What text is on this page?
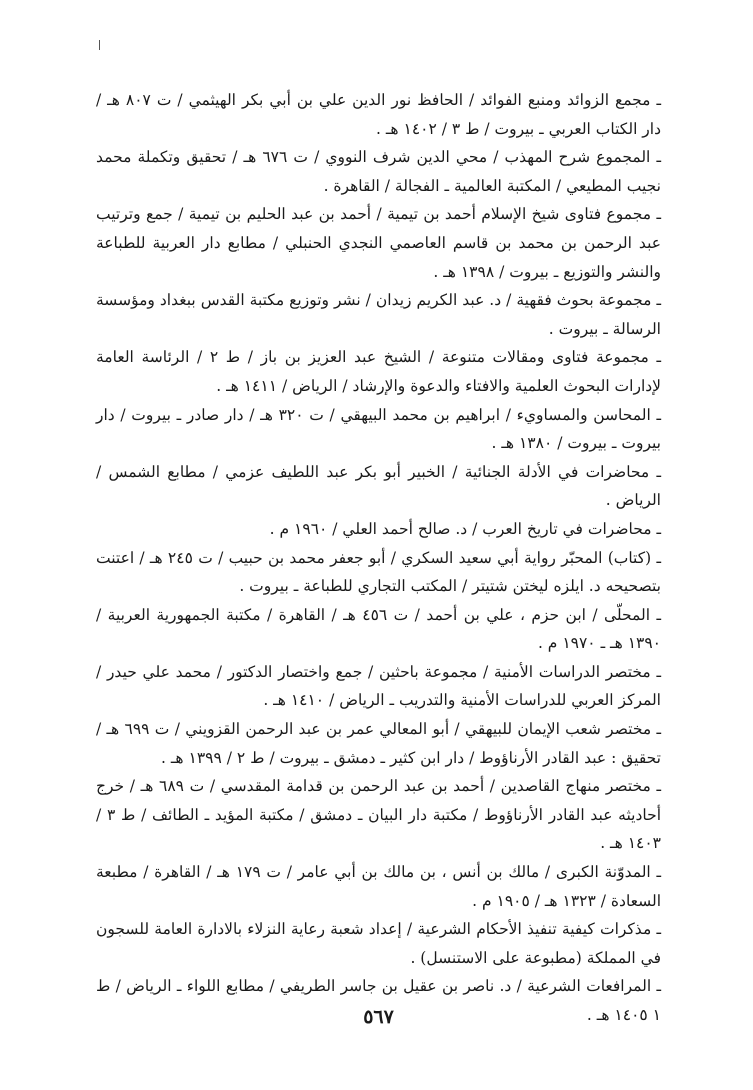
ـ مجمع الزوائد ومنبع الفوائد / الحافظ نور الدين علي بن أبي بكر الهيثمي / ت ٨٠٧ هـ / دار الكتاب العربي ـ بيروت / ط ٣ / ١٤٠٢ هـ .
ـ المجموع شرح المهذب / محي الدين شرف النووي / ت ٦٧٦ هـ / تحقيق وتكملة محمد نجيب المطيعي / المكتبة العالمية ـ الفجالة / القاهرة .
ـ مجموع فتاوى شيخ الإسلام أحمد بن تيمية / أحمد بن عبد الحليم بن تيمية / جمع وترتيب عبد الرحمن بن محمد بن قاسم العاصمي النجدي الحنبلي / مطابع دار العربية للطباعة والنشر والتوزيع ـ بيروت / ١٣٩٨ هـ .
ـ مجموعة بحوث فقهية / د. عبد الكريم زيدان / نشر وتوزيع مكتبة القدس ببغداد ومؤسسة الرسالة ـ بيروت .
ـ مجموعة فتاوى ومقالات متنوعة / الشيخ عبد العزيز بن باز / ط ٢ / الرئاسة العامة لإدارات البحوث العلمية والافتاء والدعوة والإرشاد / الرياض / ١٤١١ هـ .
ـ المحاسن والمساويء / ابراهيم بن محمد البيهقي / ت ٣٢٠ هـ / دار صادر ـ بيروت / دار بيروت ـ بيروت / ١٣٨٠ هـ .
ـ محاضرات في الأدلة الجنائية / الخبير أبو بكر عبد اللطيف عزمي / مطابع الشمس / الرياض .
ـ محاضرات في تاريخ العرب / د. صالح أحمد العلي / ١٩٦٠ م .
ـ (كتاب) المحبّر رواية أبي سعيد السكري / أبو جعفر محمد بن حبيب / ت ٢٤٥ هـ / اعتنت بتصحيحه د. ايلزه ليختن شتيتر / المكتب التجاري للطباعة ـ بيروت .
ـ المحلّى / ابن حزم ، علي بن أحمد / ت ٤٥٦ هـ / القاهرة / مكتبة الجمهورية العربية / ١٣٩٠ هـ ـ ١٩٧٠ م .
ـ مختصر الدراسات الأمنية / مجموعة باحثين / جمع واختصار الدكتور / محمد علي حيدر / المركز العربي للدراسات الأمنية والتدريب ـ الرياض / ١٤١٠ هـ .
ـ مختصر شعب الإيمان للبيهقي / أبو المعالي عمر بن عبد الرحمن القزويني / ت ٦٩٩ هـ / تحقيق : عبد القادر الأرناؤوط / دار ابن كثير ـ دمشق ـ بيروت / ط ٢ / ١٣٩٩ هـ .
ـ مختصر منهاج القاصدين / أحمد بن عبد الرحمن بن قدامة المقدسي / ت ٦٨٩ هـ / خرج أحاديثه عبد القادر الأرناؤوط / مكتبة دار البيان ـ دمشق / مكتبة المؤيد ـ الطائف / ط ٣ / ١٤٠٣ هـ .
ـ المدوّنة الكبرى / مالك بن أنس ، بن مالك بن أبي عامر / ت ١٧٩ هـ / القاهرة / مطبعة السعادة / ١٣٢٣ هـ / ١٩٠٥ م .
ـ مذكرات كيفية تنفيذ الأحكام الشرعية / إعداد شعبة رعاية النزلاء بالادارة العامة للسجون في المملكة (مطبوعة على الاستنسل) .
ـ المرافعات الشرعية / د. ناصر بن عقيل بن جاسر الطريفي / مطابع اللواء ـ الرياض / ط ١ ١٤٠٥ هـ .
٥٦٧
